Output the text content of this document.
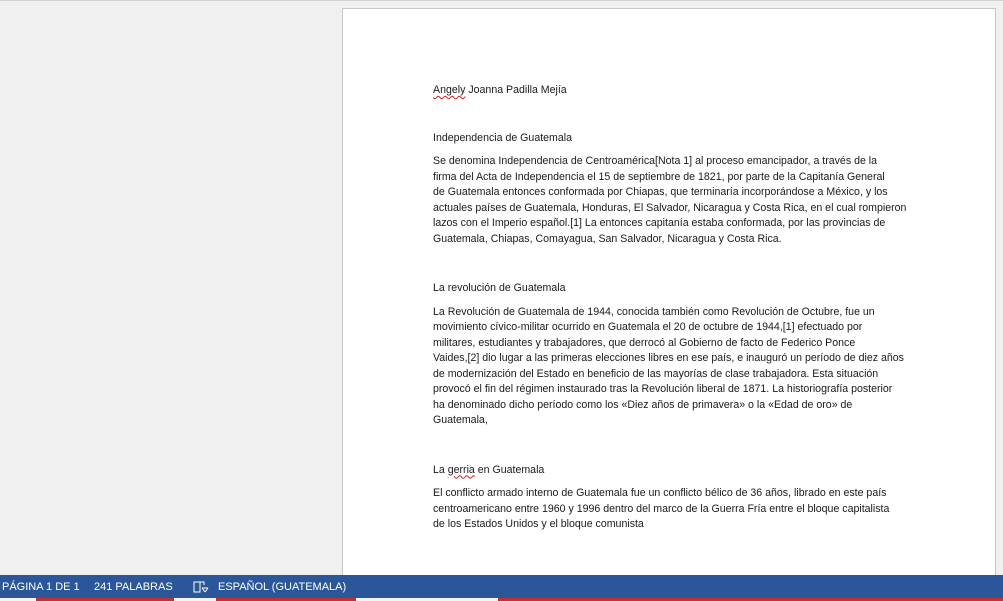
Angely Joanna Padilla Mejía

Independencia de Guatemala

Se denomina Independencia de Centroamérica[Nota 1] al proceso emancipador, a través de la
firma del Acta de Independencia el 15 de septiembre de 1821, por parte de la Capitanía General
de Guatemala entonces conformada por Chiapas, que terminaría incorporándose a México, y los
actuales países de Guatemala, Honduras, El Salvador, Nicaragua y Costa Rica, en el cual rompieron
lazos con el Imperio español.[1] La entonces capitanía estaba conformada, por las provincias de
Guatemala, Chiapas, Comayagua, San Salvador, Nicaragua y Costa Rica.

La revolución de Guatemala

La Revolución de Guatemala de 1944, conocida también como Revolución de Octubre, fue un
movimiento cívico-militar ocurrido en Guatemala el 20 de octubre de 1944,[1] efectuado por
militares, estudiantes y trabajadores, que derrocó al Gobierno de facto de Federico Ponce
Vaides,[2] dio lugar a las primeras elecciones libres en ese país, e inauguró un período de diez años
de modernización del Estado en beneficio de las mayorías de clase trabajadora. Esta situación
provocó el fin del régimen instaurado tras la Revolución liberal de 1871. La historiografía posterior
ha denominado dicho período como los «Diez años de primavera» o la «Edad de oro» de
Guatemala,

La gerria en Guatemala

El conflicto armado interno de Guatemala fue un conflicto bélico de 36 años, librado en este país
centroamericano entre 1960 y 1996 dentro del marco de la Guerra Fría entre el bloque capitalista
de los Estados Unidos y el bloque comunista

PÁGINA 1 DE 1	241 PALABRAS	ESPAÑOL (GUATEMALA)
